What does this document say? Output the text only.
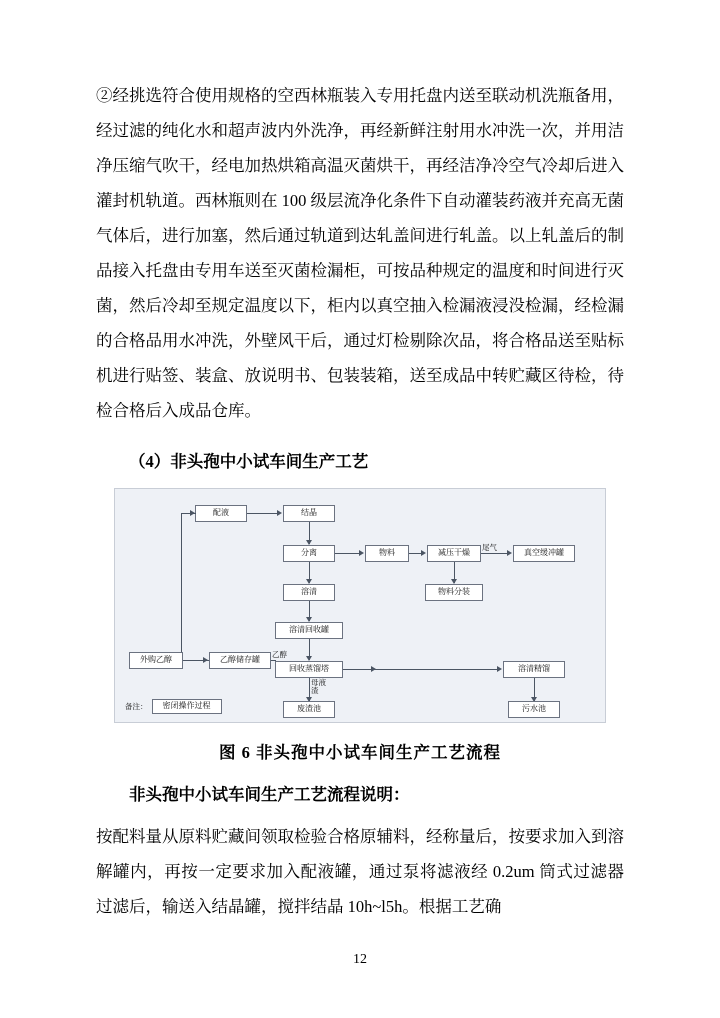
②经挑选符合使用规格的空西林瓶装入专用托盘内送至联动机洗瓶备用，经过滤的纯化水和超声波内外洗净，再经新鲜注射用水冲洗一次，并用洁净压缩气吹干，经电加热烘箱高温灭菌烘干，再经洁净冷空气冷却后进入灌封机轨道。西林瓶则在 100 级层流净化条件下自动灌装药液并充高无菌气体后，进行加塞，然后通过轨道到达轧盖间进行轧盖。以上轧盖后的制品接入托盘由专用车送至灭菌检漏柜，可按品种规定的温度和时间进行灭菌，然后冷却至规定温度以下，柜内以真空抽入检漏液浸没检漏，经检漏的合格品用水冲洗，外壁风干后，通过灯检剔除次品，将合格品送至贴标机进行贴签、装盒、放说明书、包装装箱，送至成品中转贮藏区待检，待检合格后入成品仓库。

（4）非头孢中小试车间生产工艺
配液	结晶
分离	物料	减压干燥	真空缓冲罐
尾气
物料分装
溶清
溶清回收罐
外购乙醇	乙醇储存罐
回收蒸馏塔
乙醇
溶清精馏
废渣池
母液
渣
污水池
备注：	密闭操作过程
图 6 非头孢中小试车间生产工艺流程
非头孢中小试车间生产工艺流程说明：

按配料量从原料贮藏间领取检验合格原辅料，经称量后，按要求加入到溶解罐内，再按一定要求加入配液罐，通过泵将滤液经 0.2um 筒式过滤器过滤后，输送入结晶罐，搅拌结晶 10h~l5h。根据工艺确

12
